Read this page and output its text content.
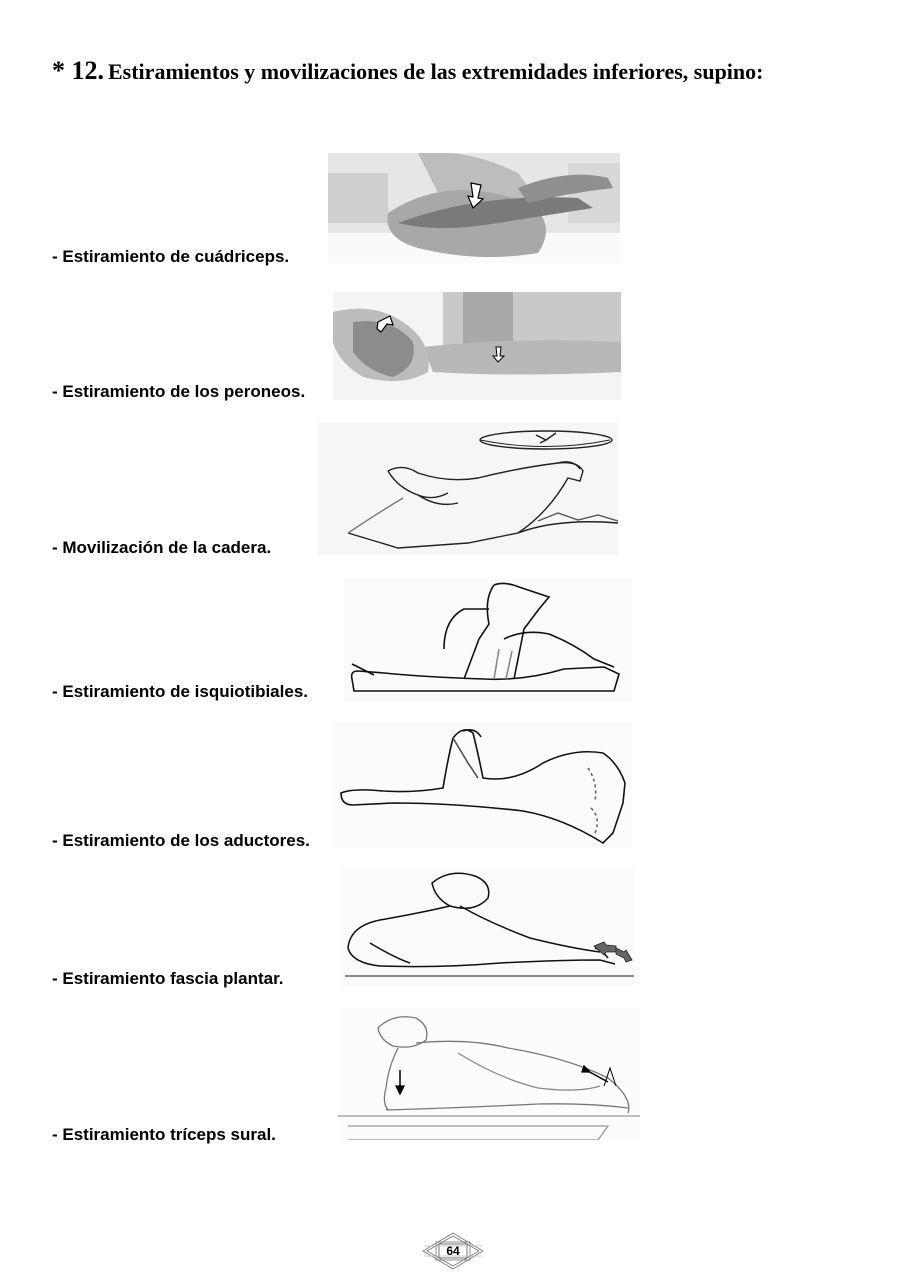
* 12. Estiramientos y movilizaciones de las extremidades inferiores, supino:
- Estiramiento de cuádriceps.
- Estiramiento de los peroneos.
- Movilización de la cadera.
- Estiramiento de isquiotibiales.
- Estiramiento de los aductores.
- Estiramiento fascia plantar.
- Estiramiento tríceps sural.
64
